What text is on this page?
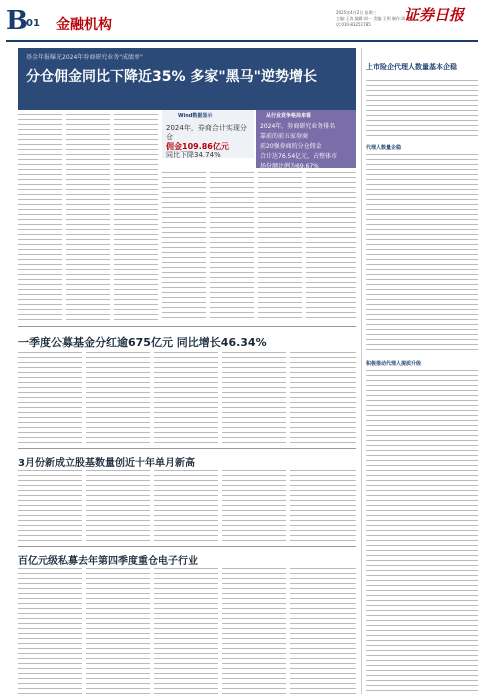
B
01 金融机构
2025年4月2日 星期三
主编:王涛 编辑:周一 美编:王明 制作:周一 电话:010-83251785
证券日报
基金年报曝光2024年券商研究业务"成绩单"
分仓佣金同比下降近35% 多家"黑马"逆势增长
Wind数据显示
2024年，券商合计实现分仓
佣金109.86亿元
同比下降34.74%
从行业竞争格局来看
2024年，券商研究业务排名
靠前的前五家券商
前20强券商的分仓佣金
合计达76.54亿元，占整体市
场份额比例为69.67%
一季度公募基金分红逾675亿元 同比增长46.34%
3月份新成立股基数量创近十年单月新高
百亿元级私募去年第四季度重仓电子行业
上市险企代理人数量基本企稳
代理人数量企稳
积极推动代理人提质升级
